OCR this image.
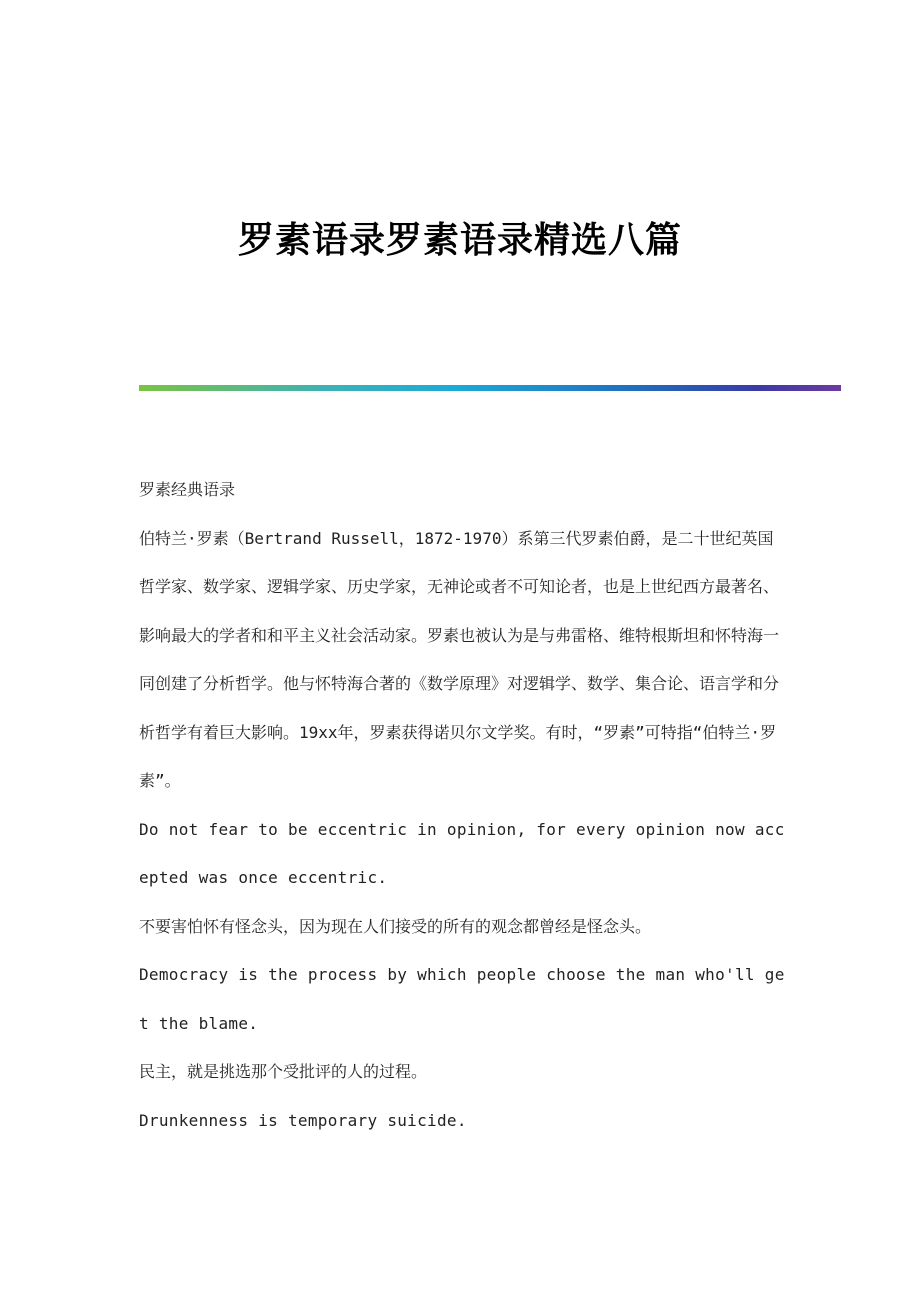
罗素语录罗素语录精选八篇

罗素经典语录

伯特兰·罗素（Bertrand Russell，1872-1970）系第三代罗素伯爵，是二十世纪英国哲学家、数学家、逻辑学家、历史学家，无神论或者不可知论者，也是上世纪西方最著名、影响最大的学者和和平主义社会活动家。罗素也被认为是与弗雷格、维特根斯坦和怀特海一同创建了分析哲学。他与怀特海合著的《数学原理》对逻辑学、数学、集合论、语言学和分析哲学有着巨大影响。19xx年，罗素获得诺贝尔文学奖。有时，“罗素”可特指“伯特兰·罗素”。

Do not fear to be eccentric in opinion, for every opinion now accepted was once eccentric.

不要害怕怀有怪念头，因为现在人们接受的所有的观念都曾经是怪念头。

Democracy is the process by which people choose the man who'll get the blame.

民主，就是挑选那个受批评的人的过程。

Drunkenness is temporary suicide.
